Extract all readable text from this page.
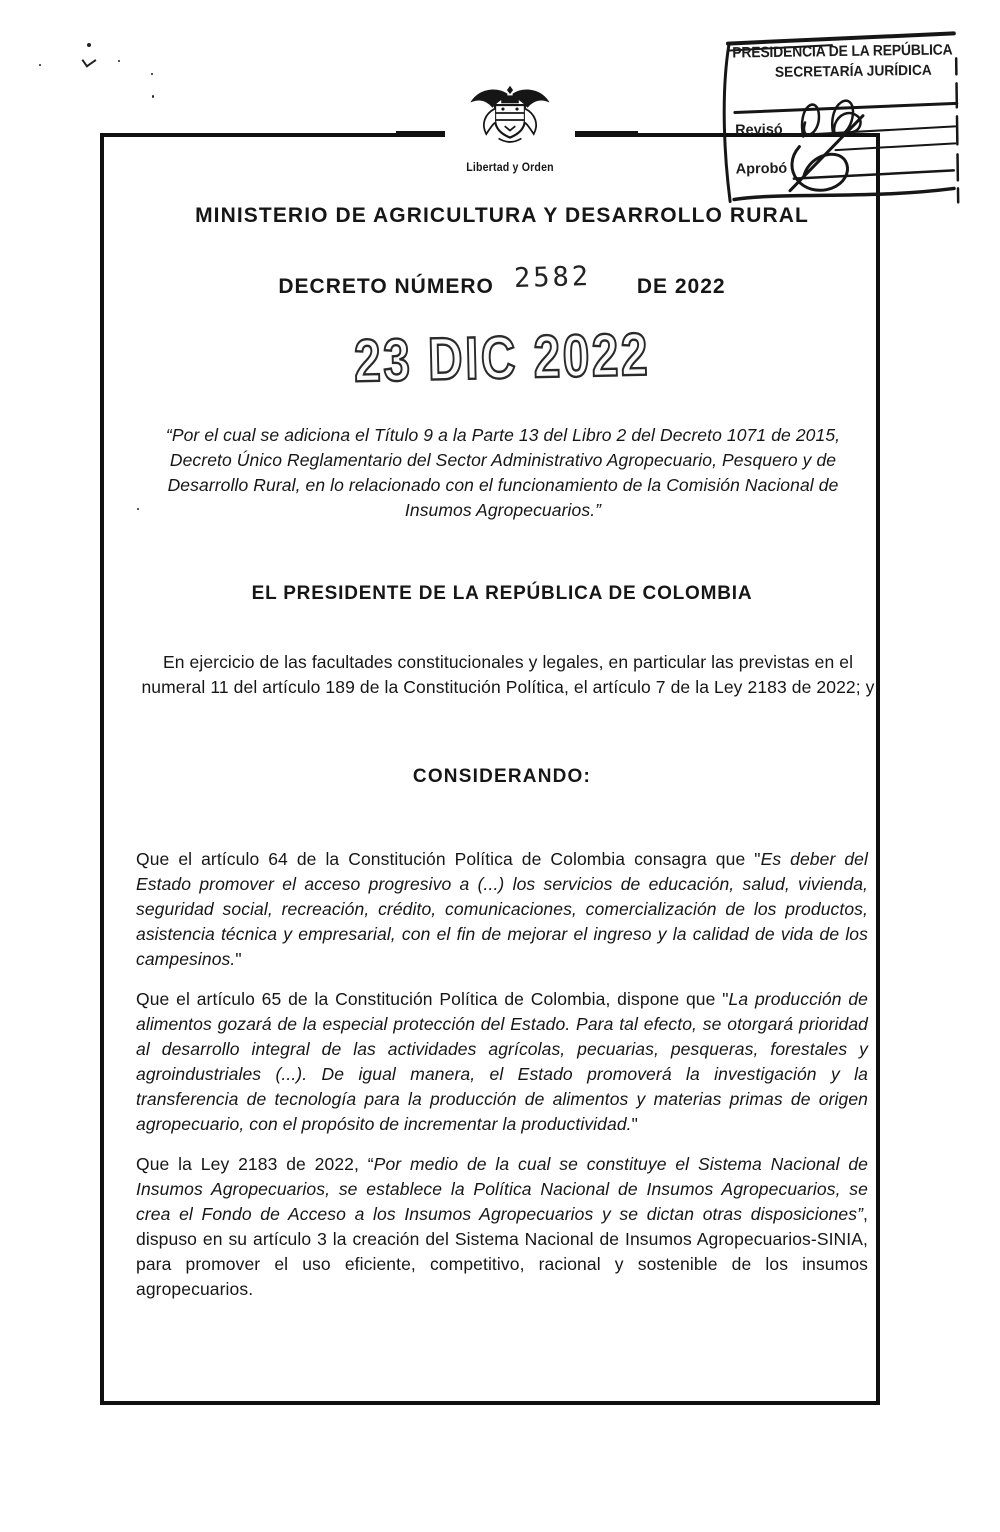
Libertad y Orden
PRESIDENCIA DE LA REPÚBLICA
SECRETARÍA JURÍDICA
Revisó
Aprobó
MINISTERIO DE AGRICULTURA Y DESARROLLO RURAL
DECRETO NÚMERO 2582 DE 2022
23 DIC 2022

“Por el cual se adiciona el Título 9 a la Parte 13 del Libro 2 del Decreto 1071 de 2015, Decreto Único Reglamentario del Sector Administrativo Agropecuario, Pesquero y de Desarrollo Rural, en lo relacionado con el funcionamiento de la Comisión Nacional de Insumos Agropecuarios.”

EL PRESIDENTE DE LA REPÚBLICA DE COLOMBIA

En ejercicio de las facultades constitucionales y legales, en particular las previstas en el numeral 11 del artículo 189 de la Constitución Política, el artículo 7 de la Ley 2183 de 2022; y

CONSIDERANDO:

Que el artículo 64 de la Constitución Política de Colombia consagra que "Es deber del Estado promover el acceso progresivo a (...) los servicios de educación, salud, vivienda, seguridad social, recreación, crédito, comunicaciones, comercialización de los productos, asistencia técnica y empresarial, con el fin de mejorar el ingreso y la calidad de vida de los campesinos."

Que el artículo 65 de la Constitución Política de Colombia, dispone que "La producción de alimentos gozará de la especial protección del Estado. Para tal efecto, se otorgará prioridad al desarrollo integral de las actividades agrícolas, pecuarias, pesqueras, forestales y agroindustriales (...). De igual manera, el Estado promoverá la investigación y la transferencia de tecnología para la producción de alimentos y materias primas de origen agropecuario, con el propósito de incrementar la productividad."

Que la Ley 2183 de 2022, “Por medio de la cual se constituye el Sistema Nacional de Insumos Agropecuarios, se establece la Política Nacional de Insumos Agropecuarios, se crea el Fondo de Acceso a los Insumos Agropecuarios y se dictan otras disposiciones”, dispuso en su artículo 3 la creación del Sistema Nacional de Insumos Agropecuarios-SINIA, para promover el uso eficiente, competitivo, racional y sostenible de los insumos agropecuarios.
